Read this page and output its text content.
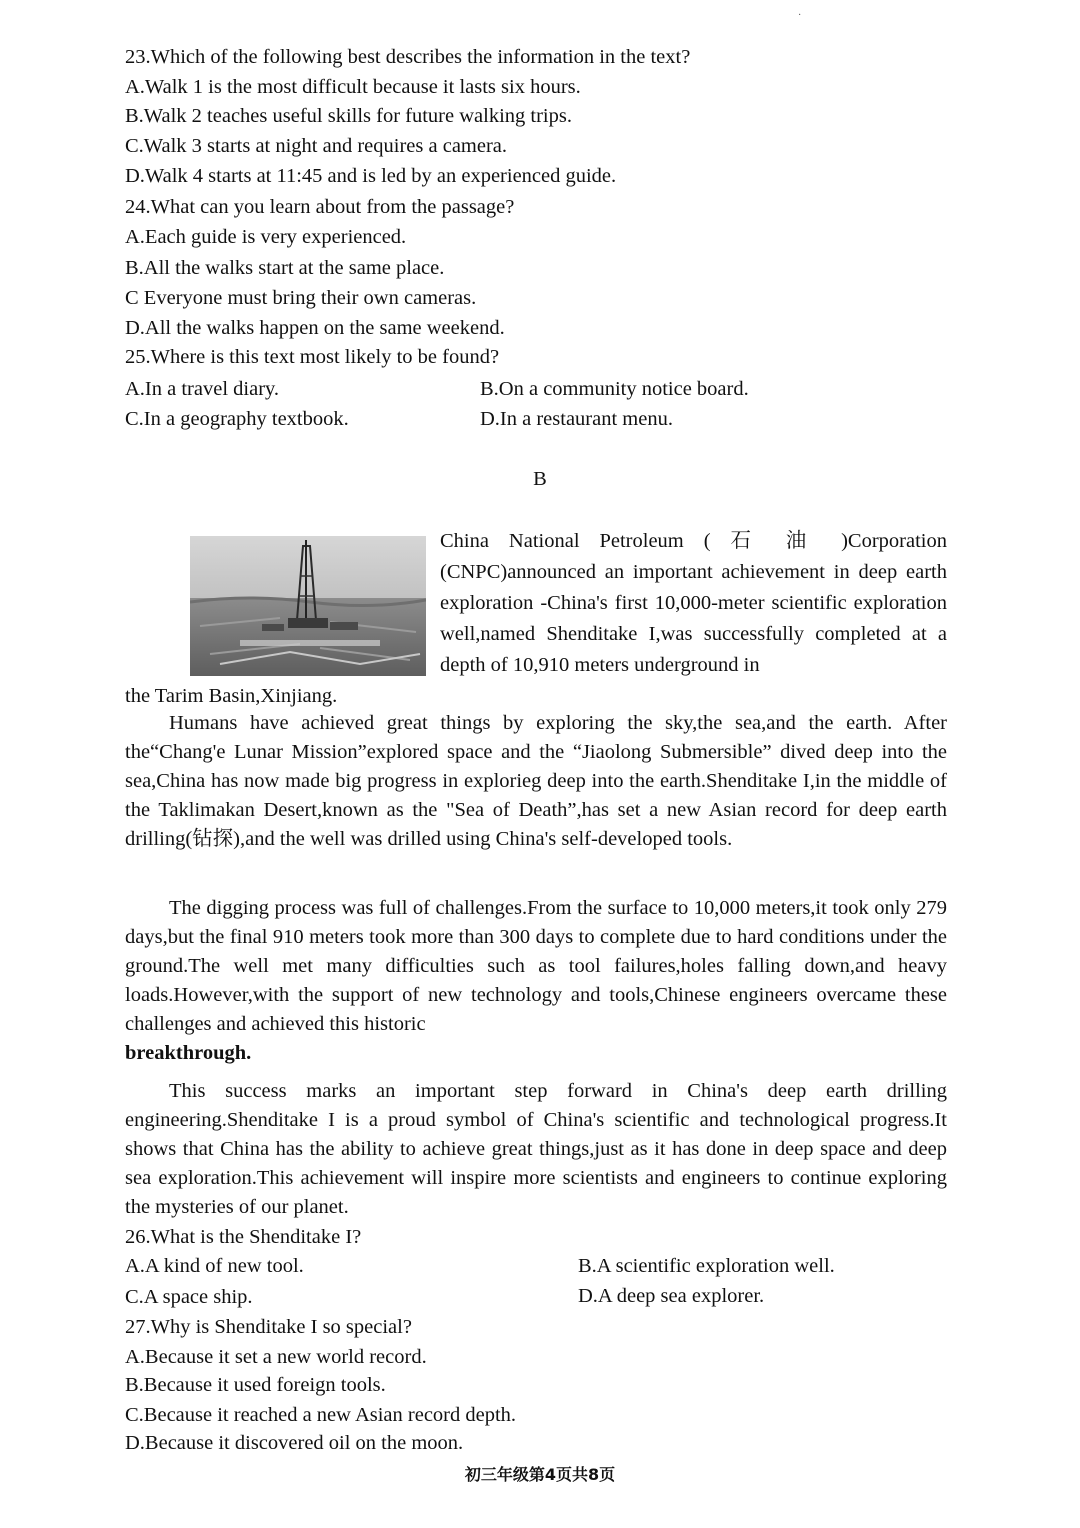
·
23.Which of the following best describes the information in the text?
A.Walk 1 is the most difficult because it lasts six hours.
B.Walk 2 teaches useful skills for future walking trips.
C.Walk 3 starts at night and requires a camera.
D.Walk 4 starts at 11:45 and is led by an experienced guide.
24.What can you learn about from the passage?
A.Each guide is very experienced.
B.All the walks start at the same place.
C Everyone must bring their own cameras.
D.All the walks happen on the same weekend.
25.Where is this text most likely to be found?
A.In a travel diary.	B.On a community notice board.
C.In a geography textbook.	D.In a restaurant menu.
B
China National Petroleum ( 石 油 )Corporation (CNPC)announced an important achievement in deep earth exploration -China's first 10,000-meter scientific exploration well,named Shenditake I,was successfully completed at a depth of 10,910 meters underground in
the Tarim Basin,Xinjiang.
Humans have achieved great things by exploring the sky,the sea,and the earth. After the“Chang'e Lunar Mission”explored space and the “Jiaolong Submersible” dived deep into the sea,China has now made big progress in exploriеg deep into the earth.Shenditake I,in the middle of the Taklimakan Desert,known as the "Sea of Death”,has set a new Asian record for deep earth drilling(钻探),and the well was drilled using China's self-developed tools.
The digging process was full of challenges.From the surface to 10,000 meters,it took only 279 days,but the final 910 meters took more than 300 days to complete due to hard conditions under the ground.The well met many difficulties such as tool failures,holes falling down,and heavy loads.However,with the support of new technology and tools,Chinese engineers overcame these challenges and achieved this historic
breakthrough.
This success marks an important step forward in China's deep earth drilling engineering.Shenditake I is a proud symbol of China's scientific and technological progress.It shows that China has the ability to achieve great things,just as it has done in deep space and deep sea exploration.This achievement will inspire more scientists and engineers to continue exploring the mysteries of our planet.
26.What is the Shenditake I?
A.A kind of new tool.	B.A scientific exploration well.
C.A space ship.	D.A deep sea explorer.
27.Why is Shenditake I so special?
A.Because it set a new world record.
B.Because it used foreign tools.
C.Because it reached a new Asian record depth.
D.Because it discovered oil on the moon.
初三年级第4页共8页
